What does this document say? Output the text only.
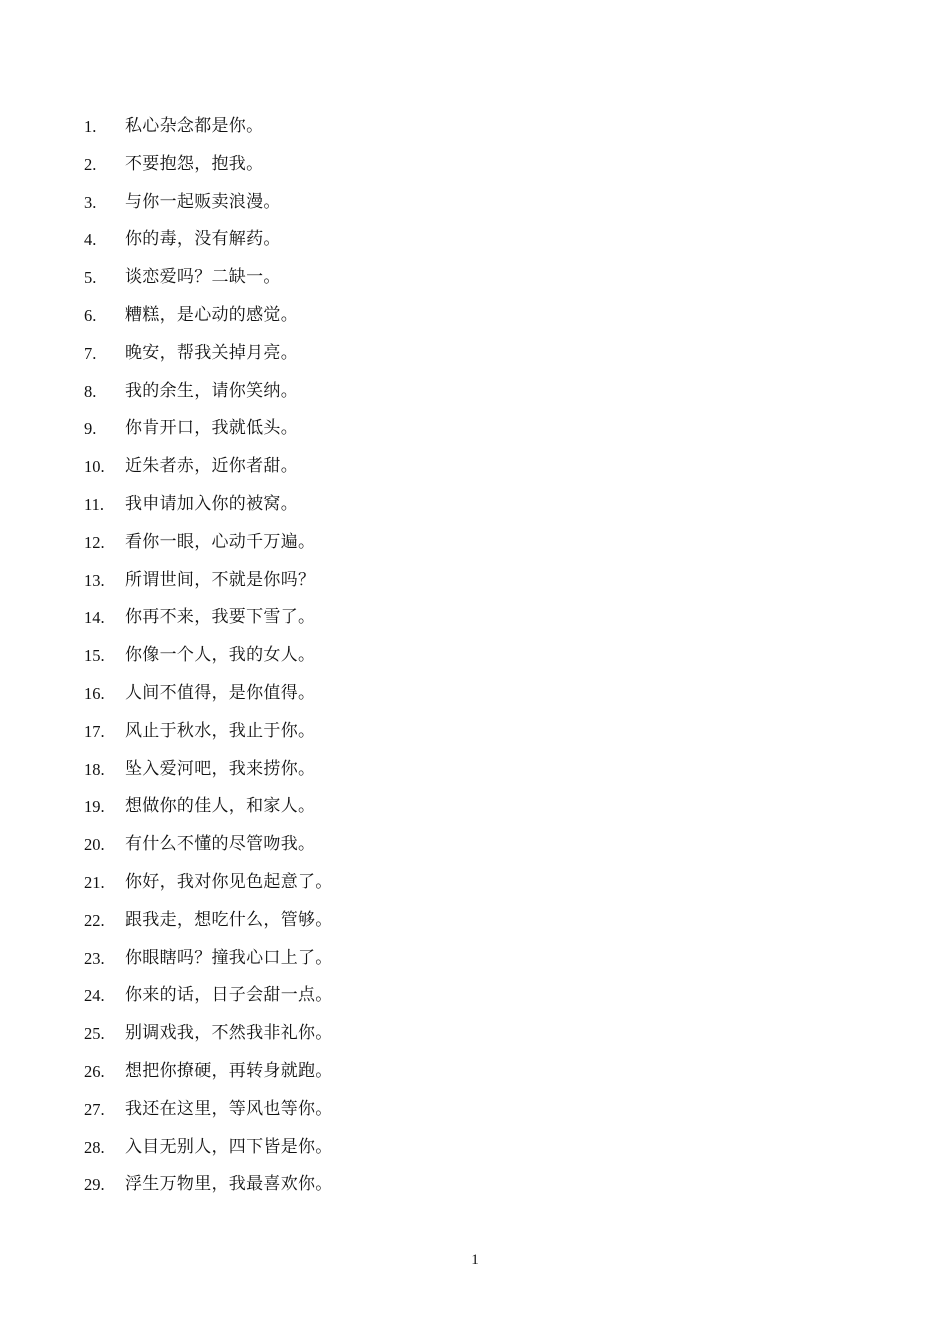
1.	私心杂念都是你。
2.	不要抱怨，抱我。
3.	与你一起贩卖浪漫。
4.	你的毒，没有解药。
5.	谈恋爱吗？二缺一。
6.	糟糕，是心动的感觉。
7.	晚安，帮我关掉月亮。
8.	我的余生，请你笑纳。
9.	你肯开口，我就低头。
10.	近朱者赤，近你者甜。
11.	我申请加入你的被窝。
12.	看你一眼，心动千万遍。
13.	所谓世间，不就是你吗？
14.	你再不来，我要下雪了。
15.	你像一个人，我的女人。
16.	人间不值得，是你值得。
17.	风止于秋水，我止于你。
18.	坠入爱河吧，我来捞你。
19.	想做你的佳人，和家人。
20.	有什么不懂的尽管吻我。
21.	你好，我对你见色起意了。
22.	跟我走，想吃什么，管够。
23.	你眼瞎吗？撞我心口上了。
24.	你来的话，日子会甜一点。
25.	别调戏我，不然我非礼你。
26.	想把你撩硬，再转身就跑。
27.	我还在这里，等风也等你。
28.	入目无别人，四下皆是你。
29.	浮生万物里，我最喜欢你。
1
